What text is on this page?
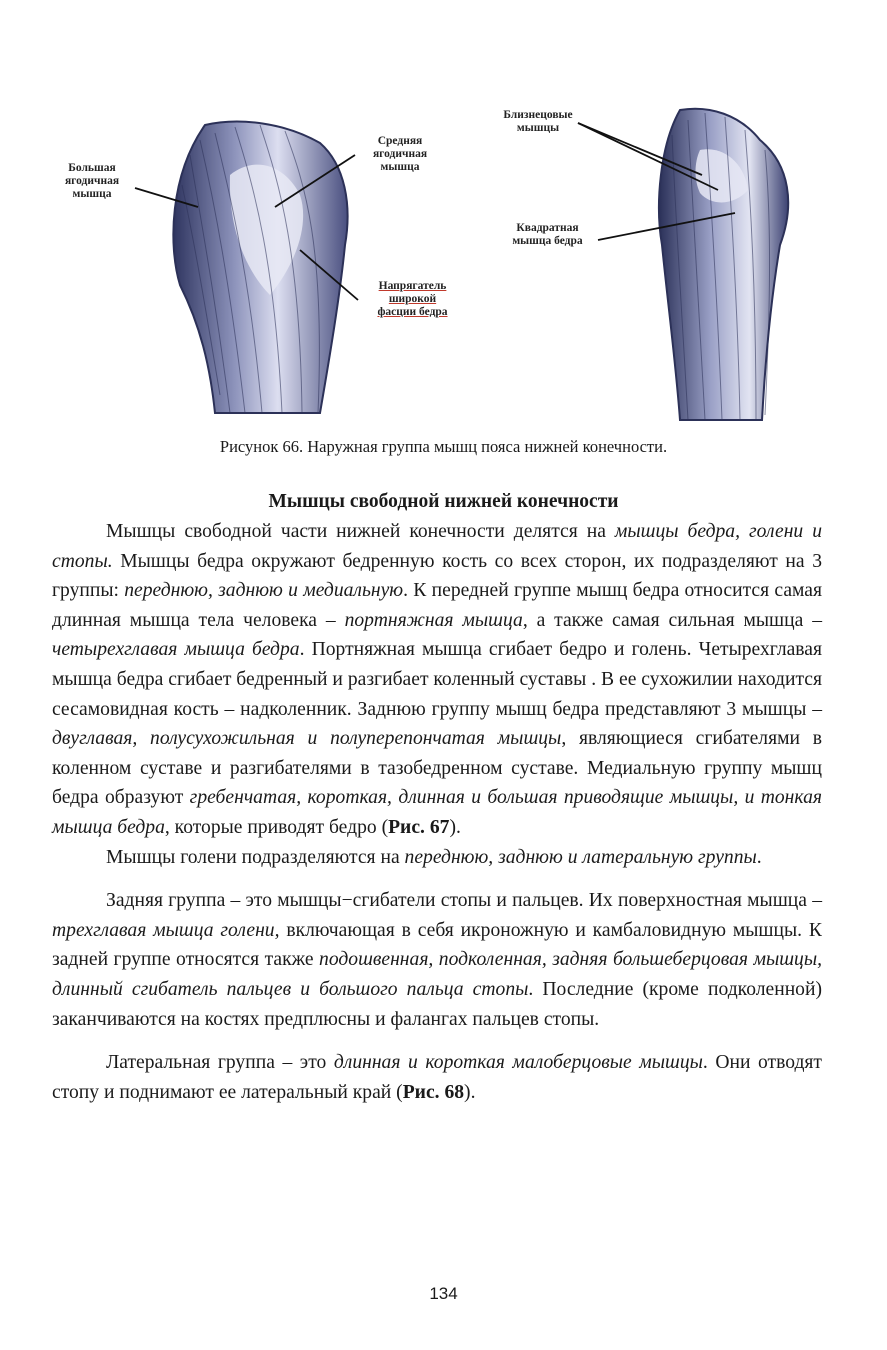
Большая
ягодичная
мышца
Средняя
ягодичная
мышца
Напрягатель
широкой
фасции бедра
Близнецовые
мышцы
Квадратная
мышца бедра
Рисунок 66. Наружная группа мышц пояса нижней конечности.
Мышцы свободной нижней конечности

Мышцы свободной части нижней конечности делятся на мышцы бедра, голени и стопы. Мышцы бедра окружают бедренную кость со всех сторон, их подразделяют на 3 группы: переднюю, заднюю и медиальную. К передней группе мышц бедра относится самая длинная мышца тела человека – портняжная мышца, а также самая сильная мышца – четырехглавая мышца бедра. Портняжная мышца сгибает бедро и голень. Четырехглавая мышца бедра сгибает бедренный и разгибает коленный суставы . В ее сухожилии находится сесамовидная кость – надколенник. Заднюю группу мышц бедра представляют 3 мышцы – двуглавая, полусухожильная и полуперепончатая мышцы, являющиеся сгибателями в коленном суставе и разгибателями в тазобедренном суставе. Медиальную группу мышц бедра образуют гребенчатая, короткая, длинная и большая приводящие мышцы, и тонкая мышца бедра, которые приводят бедро (Рис. 67).

Мышцы голени подразделяются на переднюю, заднюю и латеральную группы.

Задняя группа – это мышцы−сгибатели стопы и пальцев. Их поверхностная мышца – трехглавая мышца голени, включающая в себя икроножную и камбаловидную мышцы. К задней группе относятся также подошвенная, подколенная, задняя большеберцовая мышцы, длинный сгибатель пальцев и большого пальца стопы. Последние (кроме подколенной) заканчиваются на костях предплюсны и фалангах пальцев стопы.

Латеральная группа – это длинная и короткая малоберцовые мышцы. Они отводят стопу и поднимают ее латеральный край (Рис. 68).

134
